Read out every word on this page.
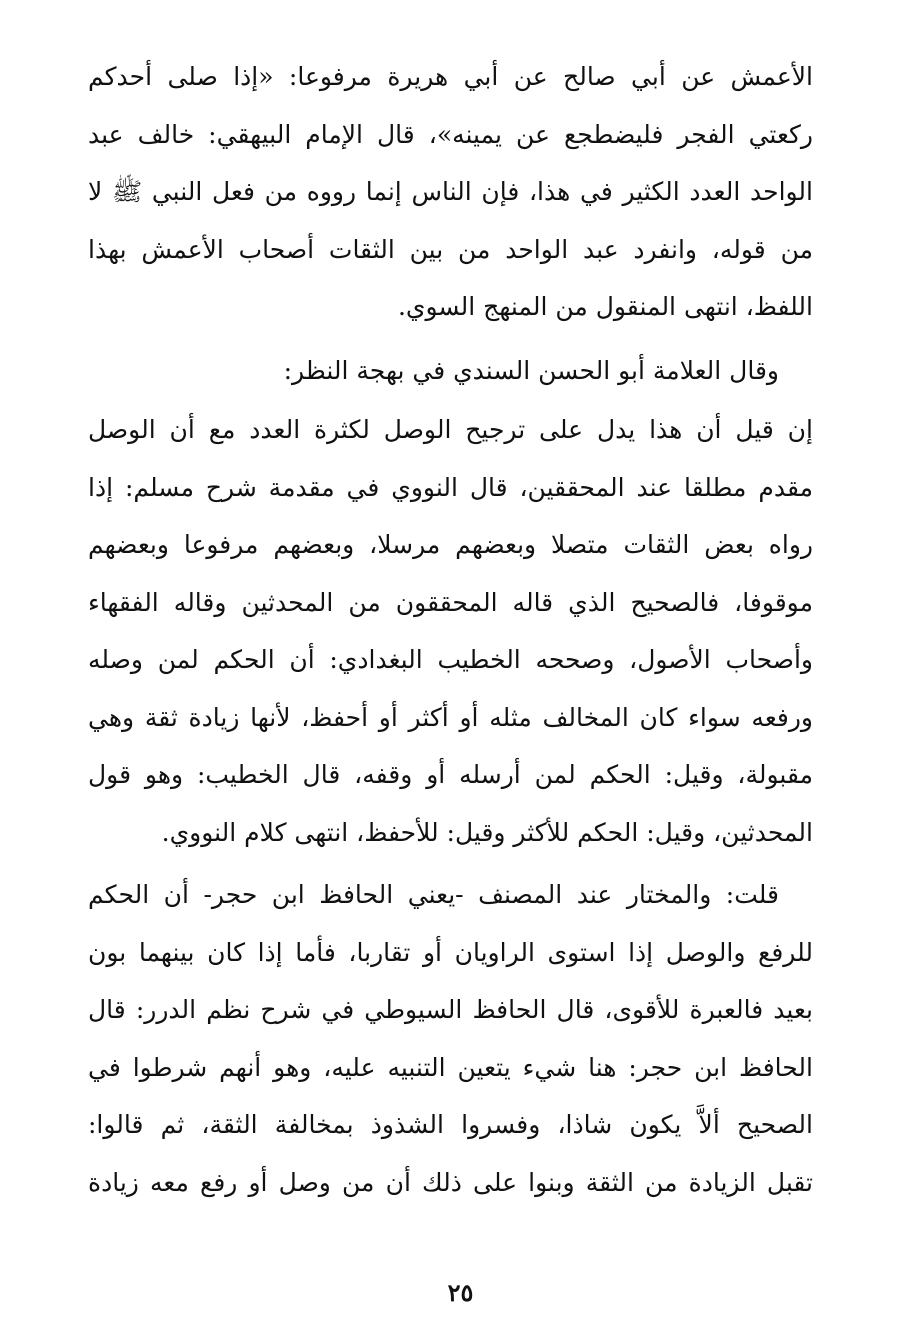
الأعمش عن أبي صالح عن أبي هريرة مرفوعا: «إذا صلى أحدكم
ركعتي الفجر فليضطجع عن يمينه»، قال الإمام البيهقي: خالف عبد
الواحد العدد الكثير في هذا، فإن الناس إنما رووه من فعل النبي ﷺ لا
من قوله، وانفرد عبد الواحد من بين الثقات أصحاب الأعمش بهذا
اللفظ، انتهى المنقول من المنهج السوي.
وقال العلامة أبو الحسن السندي في بهجة النظر:
إن قيل أن هذا يدل على ترجيح الوصل لكثرة العدد مع أن الوصل
مقدم مطلقا عند المحققين، قال النووي في مقدمة شرح مسلم: إذا
رواه بعض الثقات متصلا وبعضهم مرسلا، وبعضهم مرفوعا وبعضهم
موقوفا، فالصحيح الذي قاله المحققون من المحدثين وقاله الفقهاء
وأصحاب الأصول، وصححه الخطيب البغدادي: أن الحكم لمن وصله
ورفعه سواء كان المخالف مثله أو أكثر أو أحفظ، لأنها زيادة ثقة وهي
مقبولة، وقيل: الحكم لمن أرسله أو وقفه، قال الخطيب: وهو قول
المحدثين، وقيل: الحكم للأكثر وقيل: للأحفظ، انتهى كلام النووي.
قلت: والمختار عند المصنف -يعني الحافظ ابن حجر- أن الحكم
للرفع والوصل إذا استوى الراويان أو تقاربا، فأما إذا كان بينهما بون
بعيد فالعبرة للأقوى، قال الحافظ السيوطي في شرح نظم الدرر: قال
الحافظ ابن حجر: هنا شيء يتعين التنبيه عليه، وهو أنهم شرطوا في
الصحيح ألاَّ يكون شاذا، وفسروا الشذوذ بمخالفة الثقة، ثم قالوا:
تقبل الزيادة من الثقة وبنوا على ذلك أن من وصل أو رفع معه زيادة
٢٥
